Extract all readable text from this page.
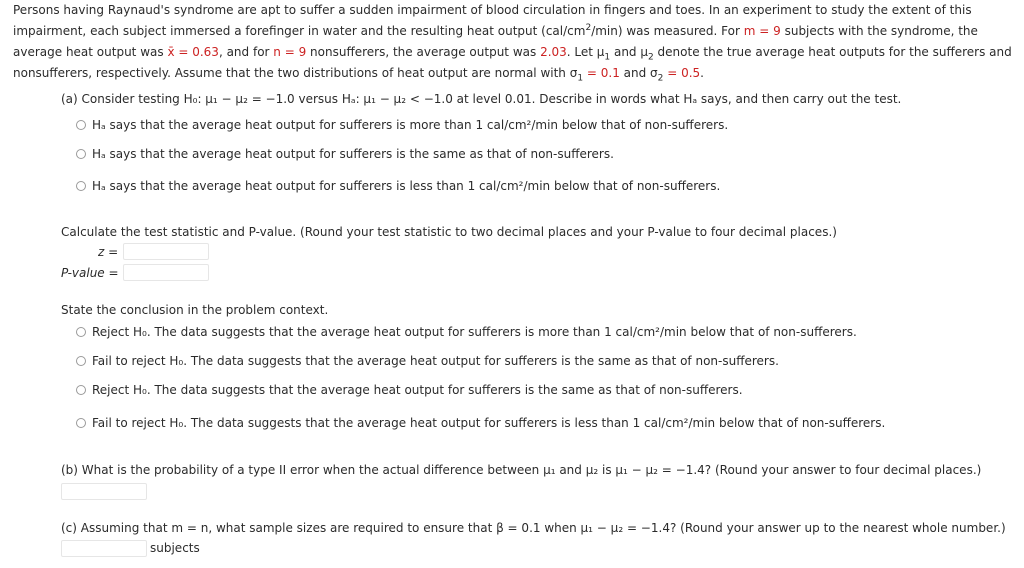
Persons having Raynaud's syndrome are apt to suffer a sudden impairment of blood circulation in fingers and toes. In an experiment to study the extent of this impairment, each subject immersed a forefinger in water and the resulting heat output $(cal/cm^2/\min)$ was measured. For m = 9 subjects with the syndrome, the average heat output was x̄ = 0.63, and for n = 9 nonsufferers, the average output was 2.03. Let $\mu_1$ and $\mu_2$ denote the true average heat outputs for the sufferers and nonsufferers, respectively. Assume that the two distributions of heat output are normal with $\sigma_1 = 0.1$ and $\sigma_2 = 0.5$.
(a) Consider testing H₀: μ₁ − μ₂ = −1.0 versus Hₐ: μ₁ − μ₂ < −1.0 at level 0.01. Describe in words what Hₐ says, and then carry out the test.
Hₐ says that the average heat output for sufferers is more than 1 cal/cm²/min below that of non-sufferers.
Hₐ says that the average heat output for sufferers is the same as that of non-sufferers.
Hₐ says that the average heat output for sufferers is less than 1 cal/cm²/min below that of non-sufferers.
Calculate the test statistic and P-value. (Round your test statistic to two decimal places and your P-value to four decimal places.)
z =
P-value =
State the conclusion in the problem context.
Reject H₀. The data suggests that the average heat output for sufferers is more than 1 cal/cm²/min below that of non-sufferers.
Fail to reject H₀. The data suggests that the average heat output for sufferers is the same as that of non-sufferers.
Reject H₀. The data suggests that the average heat output for sufferers is the same as that of non-sufferers.
Fail to reject H₀. The data suggests that the average heat output for sufferers is less than 1 cal/cm²/min below that of non-sufferers.
(b) What is the probability of a type II error when the actual difference between μ₁ and μ₂ is μ₁ − μ₂ = −1.4? (Round your answer to four decimal places.)
(c) Assuming that m = n, what sample sizes are required to ensure that β = 0.1 when μ₁ − μ₂ = −1.4? (Round your answer up to the nearest whole number.)
subjects
